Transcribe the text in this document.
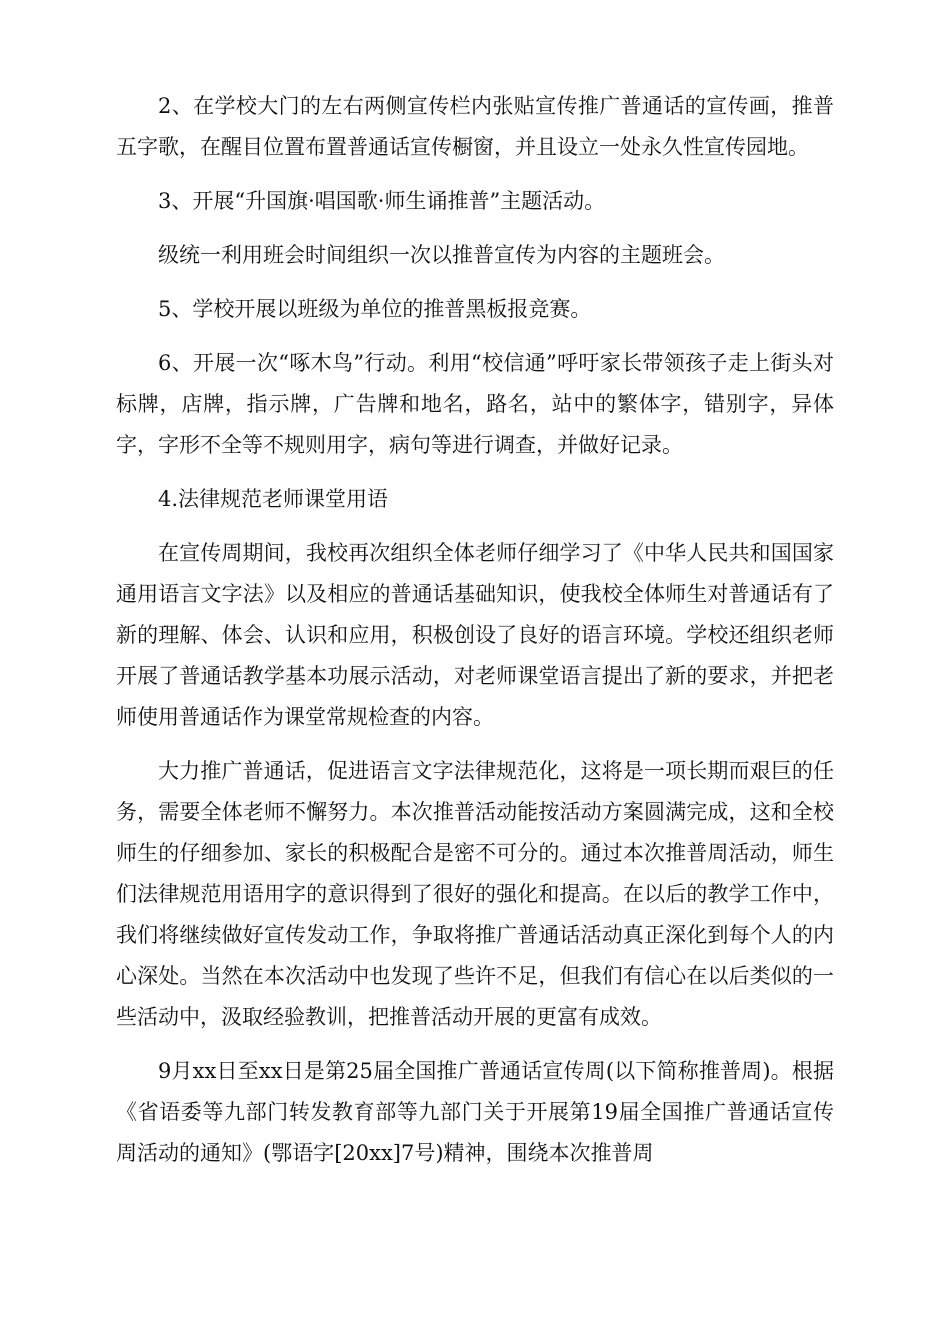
2、在学校大门的左右两侧宣传栏内张贴宣传推广普通话的宣传画，推普五字歌，在醒目位置布置普通话宣传橱窗，并且设立一处永久性宣传园地。

3、开展“升国旗·唱国歌·师生诵推普”主题活动。

级统一利用班会时间组织一次以推普宣传为内容的主题班会。

5、学校开展以班级为单位的推普黑板报竞赛。

6、开展一次“啄木鸟”行动。利用“校信通”呼吁家长带领孩子走上街头对标牌，店牌，指示牌，广告牌和地名，路名，站中的繁体字，错别字，异体字，字形不全等不规则用字，病句等进行调查，并做好记录。

4.法律规范老师课堂用语

在宣传周期间，我校再次组织全体老师仔细学习了《中华人民共和国国家通用语言文字法》以及相应的普通话基础知识，使我校全体师生对普通话有了新的理解、体会、认识和应用，积极创设了良好的语言环境。学校还组织老师开展了普通话教学基本功展示活动，对老师课堂语言提出了新的要求，并把老师使用普通话作为课堂常规检查的内容。

大力推广普通话，促进语言文字法律规范化，这将是一项长期而艰巨的任务，需要全体老师不懈努力。本次推普活动能按活动方案圆满完成，这和全校师生的仔细参加、家长的积极配合是密不可分的。通过本次推普周活动，师生们法律规范用语用字的意识得到了很好的强化和提高。在以后的教学工作中，我们将继续做好宣传发动工作，争取将推广普通话活动真正深化到每个人的内心深处。当然在本次活动中也发现了些许不足，但我们有信心在以后类似的一些活动中，汲取经验教训，把推普活动开展的更富有成效。

9月xx日至xx日是第25届全国推广普通话宣传周(以下简称推普周)。根据《省语委等九部门转发教育部等九部门关于开展第19届全国推广普通话宣传周活动的通知》(鄂语字[20xx]7号)精神，围绕本次推普周
